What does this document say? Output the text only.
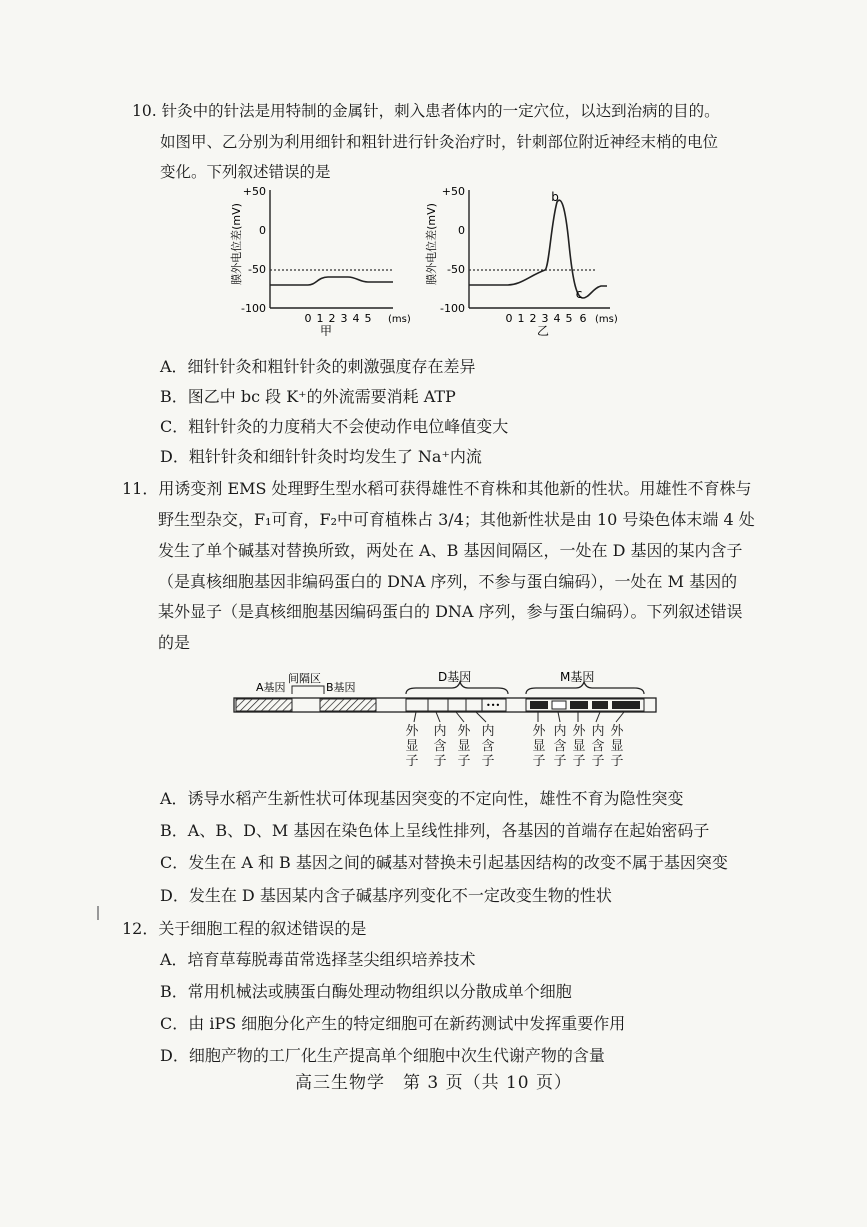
10. 针灸中的针法是用特制的金属针，刺入患者体内的一定穴位，以达到治病的目的。
如图甲、乙分别为利用细针和粗针进行针灸治疗时，针刺部位附近神经末梢的电位
变化。下列叙述错误的是
膜外电位差(mV)
+50
0
-50
-100
0 1 2 3 4 5 (ms)
甲
膜外电位差(mV)
+50
0
-50
-100
b
c
0 1 2 3 4 5 6 (ms)
乙
A．细针针灸和粗针针灸的刺激强度存在差异
B．图乙中 bc 段 K⁺的外流需要消耗 ATP
C．粗针针灸的力度稍大不会使动作电位峰值变大
D．粗针针灸和细针针灸时均发生了 Na⁺内流
11．用诱变剂 EMS 处理野生型水稻可获得雄性不育株和其他新的性状。用雄性不育株与
野生型杂交，F₁可育，F₂中可育植株占 3/4；其他新性状是由 10 号染色体末端 4 处
发生了单个碱基对替换所致，两处在 A、B 基因间隔区，一处在 D 基因的某内含子
（是真核细胞基因非编码蛋白的 DNA 序列，不参与蛋白编码），一处在 M 基因的
某外显子（是真核细胞基因编码蛋白的 DNA 序列，参与蛋白编码）。下列叙述错误
的是
A基因
间隔区
B基因
D基因	M基因
•••
外显子
内含子
外显子
内含子
外显子
内含子
外显子
内含子
外显子
A．诱导水稻产生新性状可体现基因突变的不定向性，雄性不育为隐性突变
B．A、B、D、M 基因在染色体上呈线性排列，各基因的首端存在起始密码子
C．发生在 A 和 B 基因之间的碱基对替换未引起基因结构的改变不属于基因突变
D．发生在 D 基因某内含子碱基序列变化不一定改变生物的性状
12．关于细胞工程的叙述错误的是
A．培育草莓脱毒苗常选择茎尖组织培养技术
B．常用机械法或胰蛋白酶处理动物组织以分散成单个细胞
C．由 iPS 细胞分化产生的特定细胞可在新药测试中发挥重要作用
D．细胞产物的工厂化生产提高单个细胞中次生代谢产物的含量
高三生物学　第 3 页（共 10 页）
